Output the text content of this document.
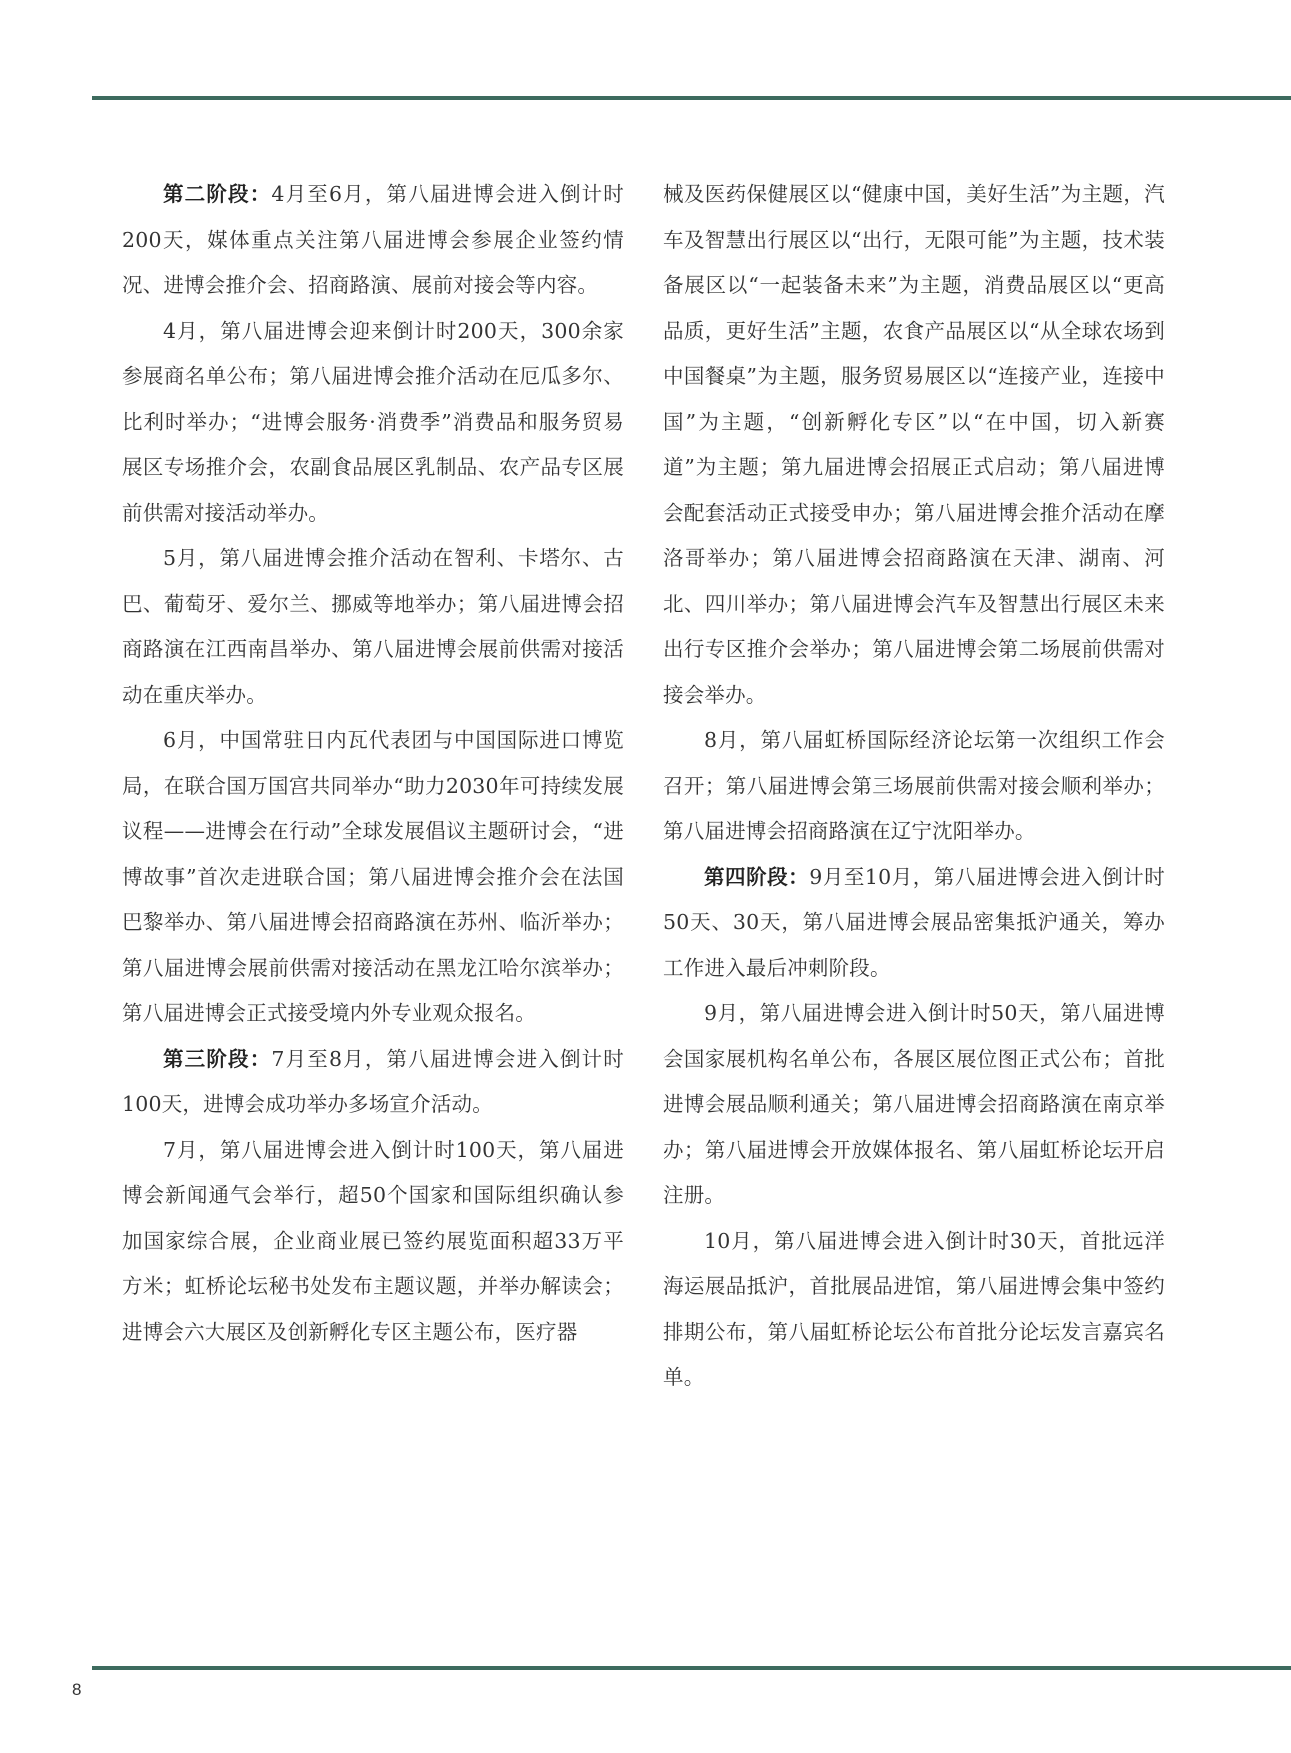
第二阶段：4月至6月，第八届进博会进入倒计时200天，媒体重点关注第八届进博会参展企业签约情况、进博会推介会、招商路演、展前对接会等内容。

4月，第八届进博会迎来倒计时200天，300余家参展商名单公布；第八届进博会推介活动在厄瓜多尔、比利时举办；“进博会服务·消费季”消费品和服务贸易展区专场推介会，农副食品展区乳制品、农产品专区展前供需对接活动举办。

5月，第八届进博会推介活动在智利、卡塔尔、古巴、葡萄牙、爱尔兰、挪威等地举办；第八届进博会招商路演在江西南昌举办、第八届进博会展前供需对接活动在重庆举办。

6月，中国常驻日内瓦代表团与中国国际进口博览局，在联合国万国宫共同举办“助力2030年可持续发展议程——进博会在行动”全球发展倡议主题研讨会，“进博故事”首次走进联合国；第八届进博会推介会在法国巴黎举办、第八届进博会招商路演在苏州、临沂举办；第八届进博会展前供需对接活动在黑龙江哈尔滨举办；第八届进博会正式接受境内外专业观众报名。

第三阶段：7月至8月，第八届进博会进入倒计时100天，进博会成功举办多场宣介活动。

7月，第八届进博会进入倒计时100天，第八届进博会新闻通气会举行，超50个国家和国际组织确认参加国家综合展，企业商业展已签约展览面积超33万平方米；虹桥论坛秘书处发布主题议题，并举办解读会；进博会六大展区及创新孵化专区主题公布，医疗器

械及医药保健展区以“健康中国，美好生活”为主题，汽车及智慧出行展区以“出行，无限可能”为主题，技术装备展区以“一起装备未来”为主题，消费品展区以“更高品质，更好生活”主题，农食产品展区以“从全球农场到中国餐桌”为主题，服务贸易展区以“连接产业，连接中国”为主题，“创新孵化专区”以“在中国，切入新赛道”为主题；第九届进博会招展正式启动；第八届进博会配套活动正式接受申办；第八届进博会推介活动在摩洛哥举办；第八届进博会招商路演在天津、湖南、河北、四川举办；第八届进博会汽车及智慧出行展区未来出行专区推介会举办；第八届进博会第二场展前供需对接会举办。

8月，第八届虹桥国际经济论坛第一次组织工作会召开；第八届进博会第三场展前供需对接会顺利举办；第八届进博会招商路演在辽宁沈阳举办。

第四阶段：9月至10月，第八届进博会进入倒计时50天、30天，第八届进博会展品密集抵沪通关，筹办工作进入最后冲刺阶段。

9月，第八届进博会进入倒计时50天，第八届进博会国家展机构名单公布，各展区展位图正式公布；首批进博会展品顺利通关；第八届进博会招商路演在南京举办；第八届进博会开放媒体报名、第八届虹桥论坛开启注册。

10月，第八届进博会进入倒计时30天，首批远洋海运展品抵沪，首批展品进馆，第八届进博会集中签约排期公布，第八届虹桥论坛公布首批分论坛发言嘉宾名单。

8
